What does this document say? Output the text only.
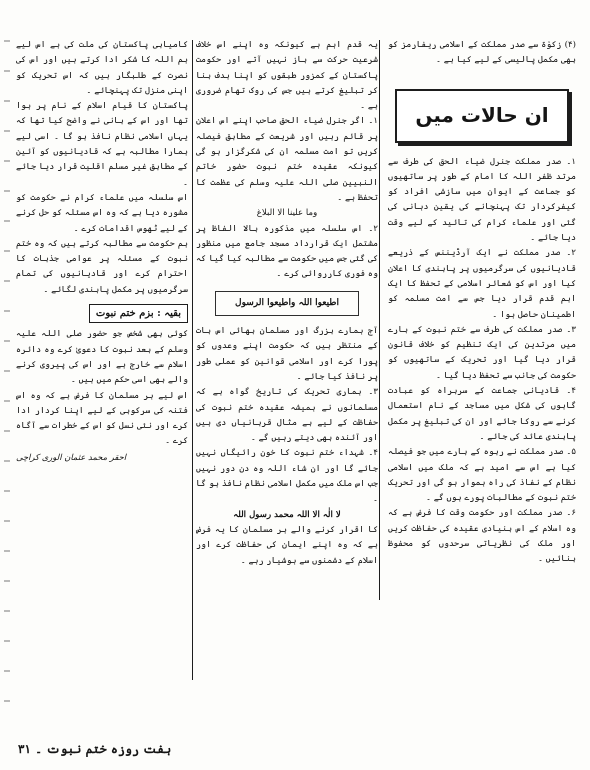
(۴) زکوٰۃ سے صدر مملکت کے اسلامی ریفارمز کو بھی مکمل پالیسی کے لیے کیا ہے ۔

ان حالات میں

۱۔ صدر مملکت جنرل ضیاء الحق کی طرف سے مرتد ظفر اللہ کا امام کے طور پر ساتھیوں کو جماعت کے ایوان میں سازشی افراد کو کیفرکردار تک پہنچانے کی یقین دہانی کی گئی اور علماء کرام کی تائید کے لیے وقت دیا جائے ۔

۲۔ صدر مملکت نے ایک آرڈیننس کے ذریعے قادیانیوں کی سرگرمیوں پر پابندی کا اعلان کیا اور اس کو شعائر اسلامی کے تحفظ کا ایک اہم قدم قرار دیا جس سے امت مسلمہ کو اطمینان حاصل ہوا ۔

۳۔ صدر مملکت کی طرف سے ختم نبوت کے بارے میں مرتدین کی ایک تنظیم کو خلاف قانون قرار دیا گیا اور تحریک کے ساتھیوں کو حکومت کی جانب سے تحفظ دیا گیا ۔

۴۔ قادیانی جماعت کے سربراہ کو عبادت گاہوں کی شکل میں مساجد کے نام استعمال کرنے سے روکا جائے اور ان کی تبلیغ پر مکمل پابندی عائد کی جائے ۔

۵۔ صدر مملکت نے ربوہ کے بارے میں جو فیصلہ کیا ہے اس سے امید ہے کہ ملک میں اسلامی نظام کے نفاذ کی راہ ہموار ہو گی اور تحریک ختم نبوت کے مطالبات پورے ہوں گے ۔

۶۔ صدر مملکت اور حکومت وقت کا فرض ہے کہ وہ اسلام کے اس بنیادی عقیدہ کی حفاظت کریں اور ملک کی نظریاتی سرحدوں کو محفوظ بنائیں ۔

یہ قدم اہم ہے کیونکہ وہ اپنے اس خلاف شرعیت حرکت سے باز نہیں آتے اور حکومت پاکستان کے کمزور طبقوں کو اپنا ہدف بنا کر تبلیغ کرتے ہیں جس کی روک تھام ضروری ہے ۔

۱۔ اگر جنرل ضیاء الحق صاحب اپنے اس اعلان پر قائم رہیں اور شریعت کے مطابق فیصلہ کریں تو امت مسلمہ ان کی شکرگزار ہو گی کیونکہ عقیدہ ختم نبوت حضور خاتم النبیین صلی اللہ علیہ وسلم کی عظمت کا تحفظ ہے ۔

وما علینا الا البلاغ

۲۔ اس سلسلہ میں مذکورہ بالا الفاظ پر مشتمل ایک قرارداد مسجد جامع میں منظور کی گئی جس میں حکومت سے مطالبہ کیا گیا کہ وہ فوری کارروائی کرے ۔

اطیعوا اللہ واطیعوا الرسول

آج ہمارے بزرگ اور مسلمان بھائی اس بات کے منتظر ہیں کہ حکومت اپنے وعدوں کو پورا کرے اور اسلامی قوانین کو عملی طور پر نافذ کیا جائے ۔

۳۔ ہماری تحریک کی تاریخ گواہ ہے کہ مسلمانوں نے ہمیشہ عقیدہ ختم نبوت کی حفاظت کے لیے بے مثال قربانیاں دی ہیں اور آئندہ بھی دیتے رہیں گے ۔

۴۔ شہداء ختم نبوت کا خون رائیگاں نہیں جائے گا اور ان شاء اللہ وہ دن دور نہیں جب اس ملک میں مکمل اسلامی نظام نافذ ہو گا ۔

لا الٰہ الا اللہ محمد رسول اللہ

کا اقرار کرنے والے ہر مسلمان کا یہ فرض ہے کہ وہ اپنے ایمان کی حفاظت کرے اور اسلام کے دشمنوں سے ہوشیار رہے ۔

کامیابی پاکستان کی ملت کی ہے اس لیے ہم اللہ کا شکر ادا کرتے ہیں اور اس کی نصرت کے طلبگار ہیں کہ اس تحریک کو اپنی منزل تک پہنچائے ۔

پاکستان کا قیام اسلام کے نام پر ہوا تھا اور اس کے بانی نے واضح کیا تھا کہ یہاں اسلامی نظام نافذ ہو گا ۔ اسی لیے ہمارا مطالبہ ہے کہ قادیانیوں کو آئین کے مطابق غیر مسلم اقلیت قرار دیا جائے ۔

اس سلسلہ میں علماء کرام نے حکومت کو مشورہ دیا ہے کہ وہ اس مسئلہ کو حل کرنے کے لیے ٹھوس اقدامات کرے ۔

ہم حکومت سے مطالبہ کرتے ہیں کہ وہ ختم نبوت کے مسئلہ پر عوامی جذبات کا احترام کرے اور قادیانیوں کی تمام سرگرمیوں پر مکمل پابندی لگائے ۔

بقیہ : بزم ختم نبوت

کوئی بھی شخص جو حضور صلی اللہ علیہ وسلم کے بعد نبوت کا دعویٰ کرے وہ دائرہ اسلام سے خارج ہے اور اس کی پیروی کرنے والے بھی اسی حکم میں ہیں ۔

اس لیے ہر مسلمان کا فرض ہے کہ وہ اس فتنہ کی سرکوبی کے لیے اپنا کردار ادا کرے اور نئی نسل کو اس کے خطرات سے آگاہ کرے ۔

احقر محمد عثمان الوری کراچی

ہفت روزہ ختم نبوت ۔ ۳۱
